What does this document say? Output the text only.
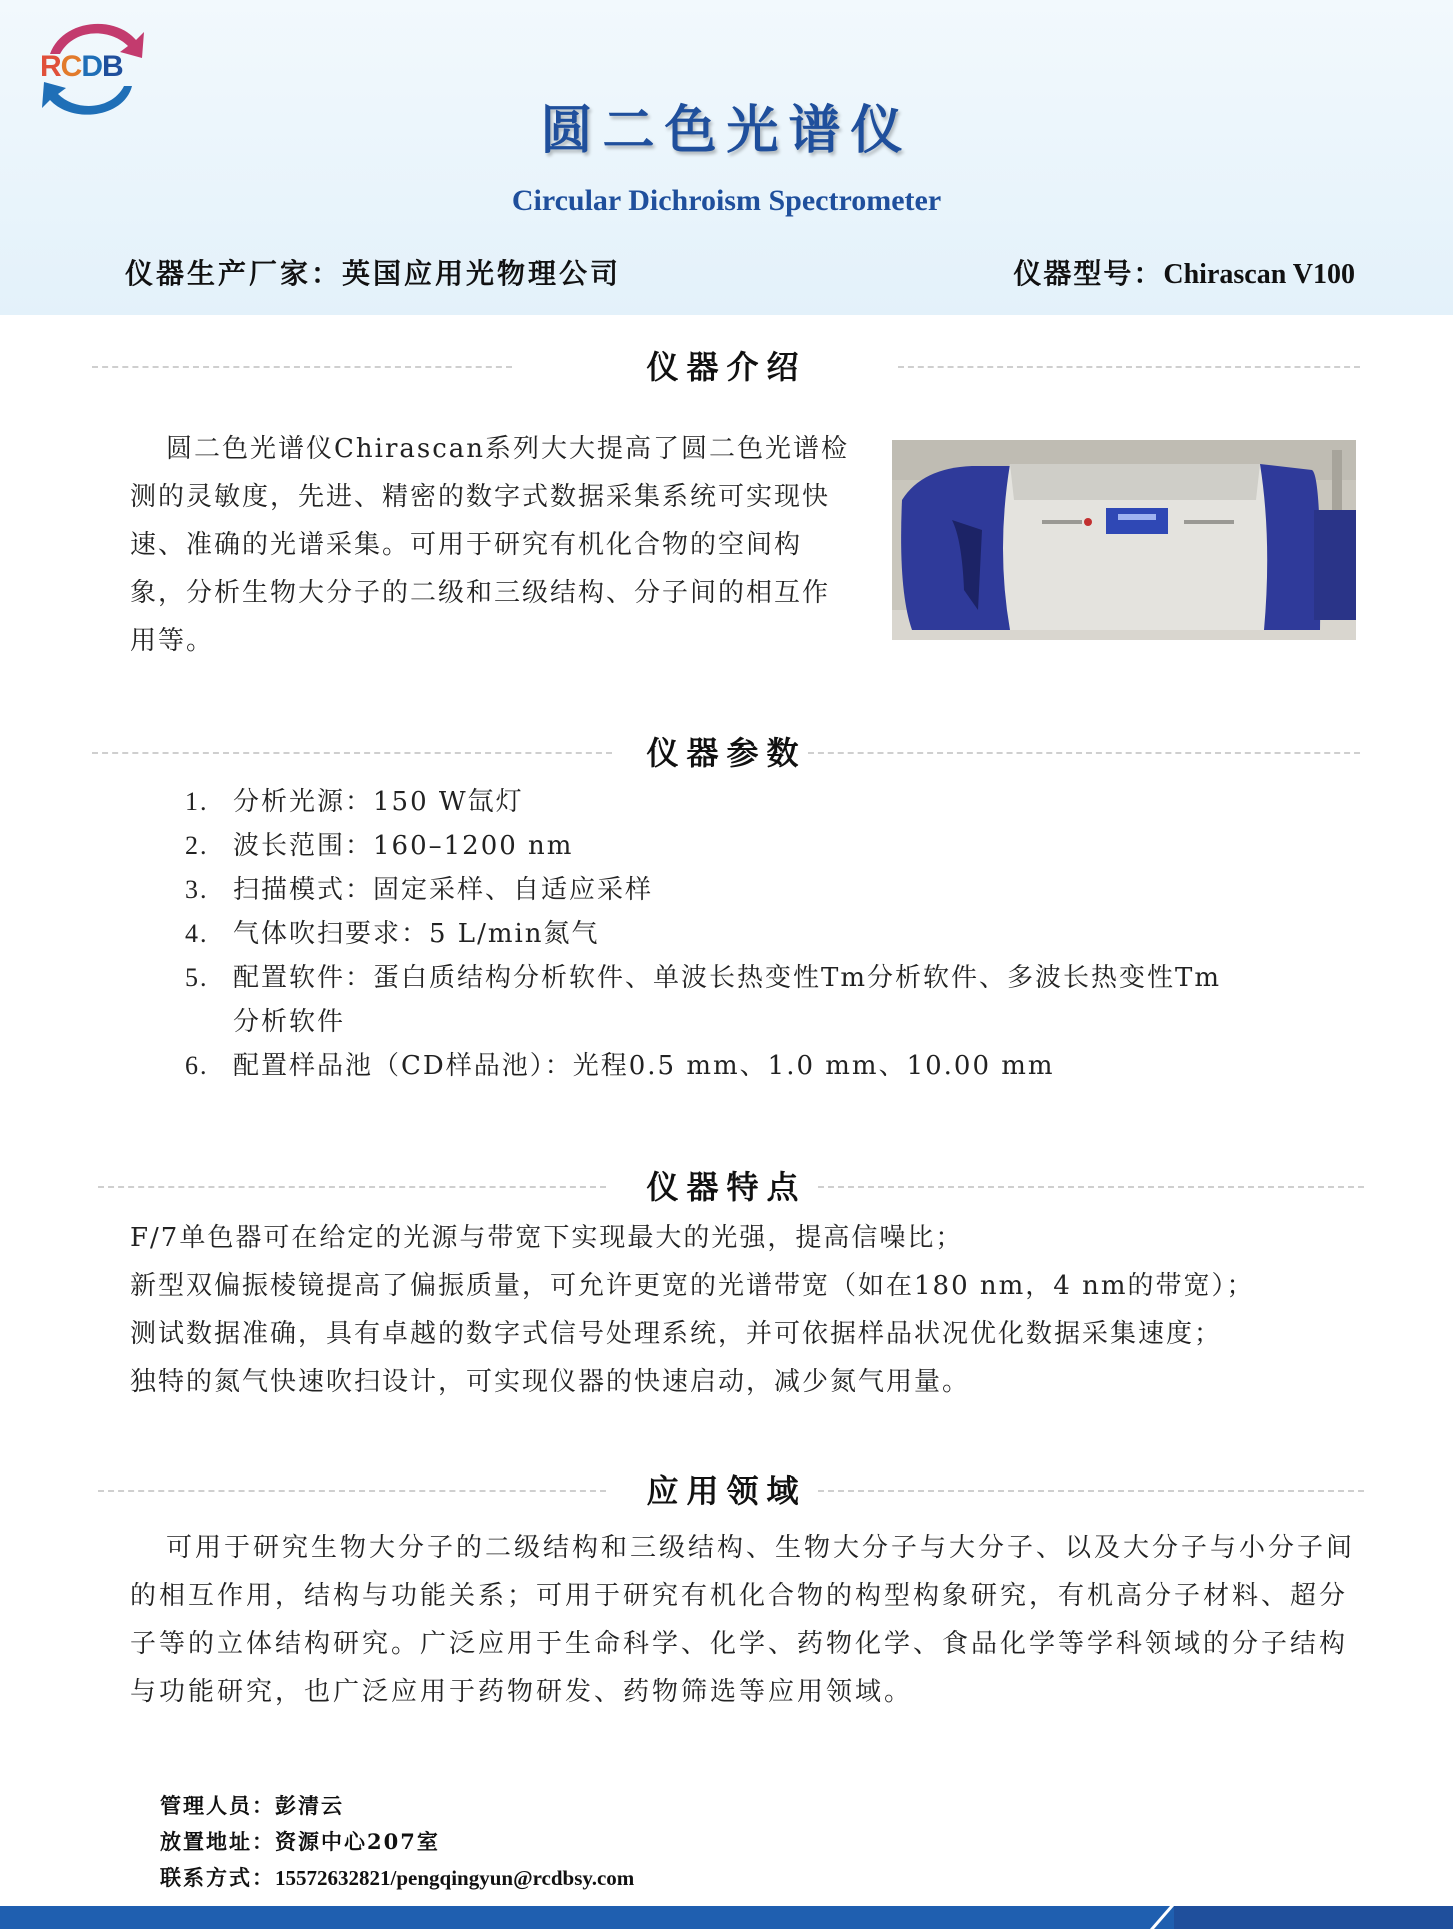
RCDB
圆二色光谱仪
Circular Dichroism Spectrometer
仪器生产厂家：英国应用光物理公司	仪器型号：Chirascan V100
仪器介绍
圆二色光谱仪Chirascan系列大大提高了圆二色光谱检测的灵敏度，先进、精密的数字式数据采集系统可实现快速、准确的光谱采集。可用于研究有机化合物的空间构象，分析生物大分子的二级和三级结构、分子间的相互作用等。
仪器参数
1. 分析光源：150 W氙灯
2. 波长范围：160–1200 nm
3. 扫描模式：固定采样、自适应采样
4. 气体吹扫要求：5 L/min氮气
5. 配置软件：蛋白质结构分析软件、单波长热变性Tm分析软件、多波长热变性Tm分析软件
6. 配置样品池（CD样品池）：光程0.5 mm、1.0 mm、10.00 mm
仪器特点
F/7单色器可在给定的光源与带宽下实现最大的光强，提高信噪比；
新型双偏振棱镜提高了偏振质量，可允许更宽的光谱带宽（如在180 nm，4 nm的带宽）；
测试数据准确，具有卓越的数字式信号处理系统，并可依据样品状况优化数据采集速度；
独特的氮气快速吹扫设计，可实现仪器的快速启动，减少氮气用量。
应用领域
可用于研究生物大分子的二级结构和三级结构、生物大分子与大分子、以及大分子与小分子间的相互作用，结构与功能关系；可用于研究有机化合物的构型构象研究，有机高分子材料、超分子等的立体结构研究。广泛应用于生命科学、化学、药物化学、食品化学等学科领域的分子结构与功能研究，也广泛应用于药物研发、药物筛选等应用领域。
管理人员：彭清云
放置地址：资源中心207室
联系方式：15572632821/pengqingyun@rcdbsy.com
